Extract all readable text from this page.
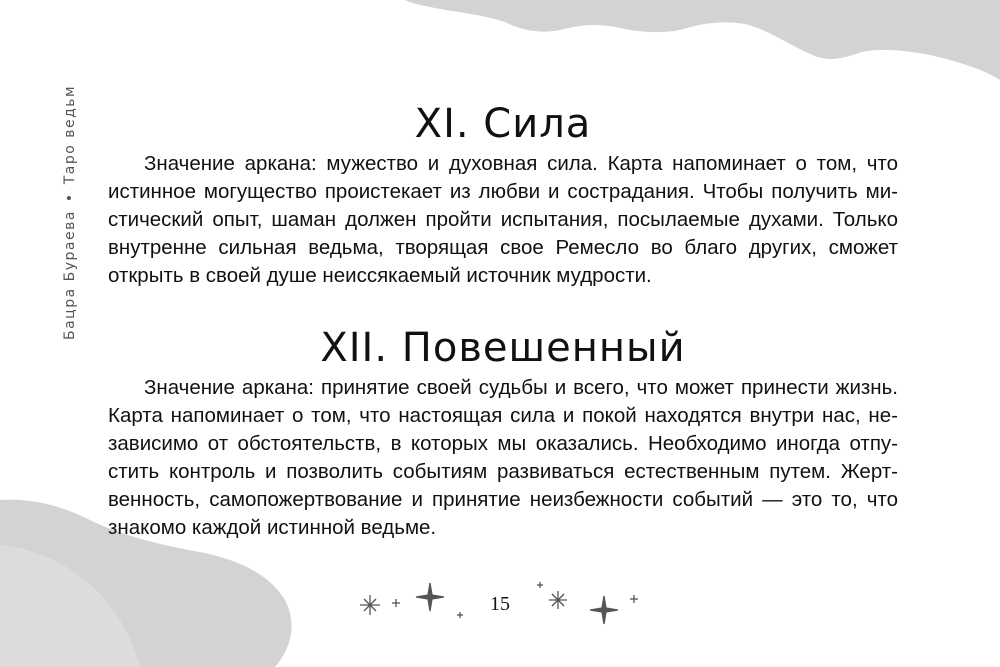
Бацра Бураева•Таро ведьм	XI. Сила

Значение аркана: мужество и духовная сила. Карта напоминает о том, что истинное могущество проистекает из любви и сострадания. Чтобы получить мистический опыт, шаман должен пройти испытания, посылаемые духами. Только внутренне сильная ведьма, творящая свое Ремесло во благо других, сможет открыть в своей душе неиссякаемый источник мудрости.

XII. Повешенный

Значение аркана: принятие своей судьбы и всего, что может принести жизнь. Карта напоминает о том, что настоящая сила и покой находятся внутри нас, независимо от обстоятельств, в которых мы оказались. Необходимо иногда отпустить контроль и позволить событиям развиваться естественным путем. Жертвенность, самопожертвование и принятие неизбежности событий — это то, что знакомо каждой истинной ведьме.

15
